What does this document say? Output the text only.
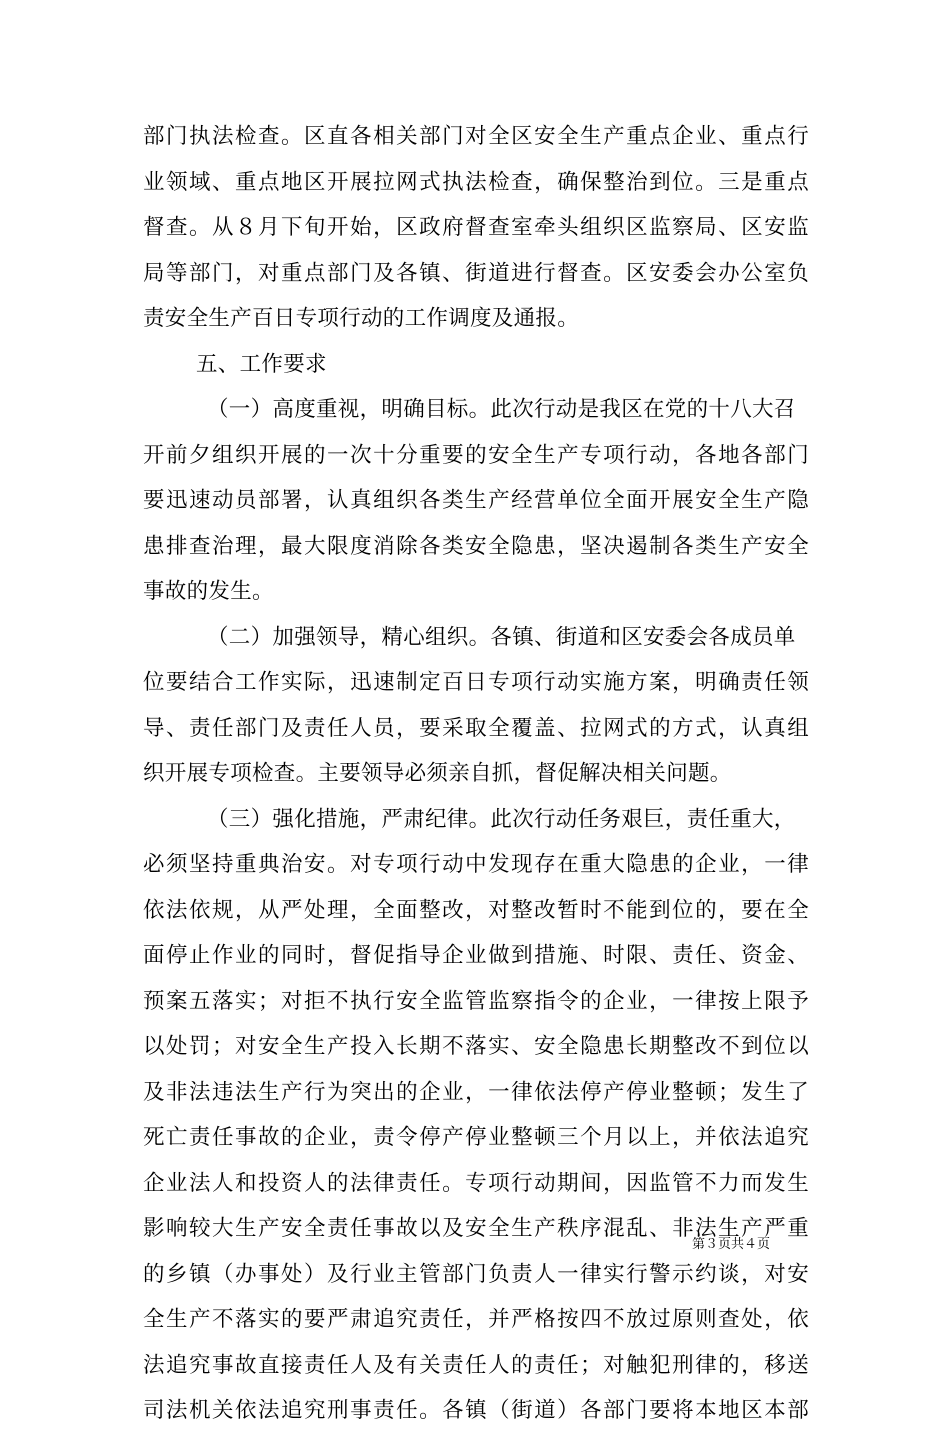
部门执法检查。区直各相关部门对全区安全生产重点企业、重点行
业领域、重点地区开展拉网式执法检查，确保整治到位。三是重点
督查。从８月下旬开始，区政府督查室牵头组织区监察局、区安监
局等部门，对重点部门及各镇、街道进行督查。区安委会办公室负
责安全生产百日专项行动的工作调度及通报。
五、工作要求
（一）高度重视，明确目标。此次行动是我区在党的十八大召
开前夕组织开展的一次十分重要的安全生产专项行动，各地各部门
要迅速动员部署，认真组织各类生产经营单位全面开展安全生产隐
患排查治理，最大限度消除各类安全隐患，坚决遏制各类生产安全
事故的发生。
（二）加强领导，精心组织。各镇、街道和区安委会各成员单
位要结合工作实际，迅速制定百日专项行动实施方案，明确责任领
导、责任部门及责任人员，要采取全覆盖、拉网式的方式，认真组
织开展专项检查。主要领导必须亲自抓，督促解决相关问题。
（三）强化措施，严肃纪律。此次行动任务艰巨，责任重大，
必须坚持重典治安。对专项行动中发现存在重大隐患的企业，一律
依法依规，从严处理，全面整改，对整改暂时不能到位的，要在全
面停止作业的同时，督促指导企业做到措施、时限、责任、资金、
预案五落实；对拒不执行安全监管监察指令的企业，一律按上限予
以处罚；对安全生产投入长期不落实、安全隐患长期整改不到位以
及非法违法生产行为突出的企业，一律依法停产停业整顿；发生了
死亡责任事故的企业，责令停产停业整顿三个月以上，并依法追究
企业法人和投资人的法律责任。专项行动期间，因监管不力而发生
影响较大生产安全责任事故以及安全生产秩序混乱、非法生产严重
的乡镇（办事处）及行业主管部门负责人一律实行警示约谈，对安
全生产不落实的要严肃追究责任，并严格按四不放过原则查处，依
法追究事故直接责任人及有关责任人的责任；对触犯刑律的，移送
司法机关依法追究刑事责任。各镇（街道）各部门要将本地区本部
第３页共４页
